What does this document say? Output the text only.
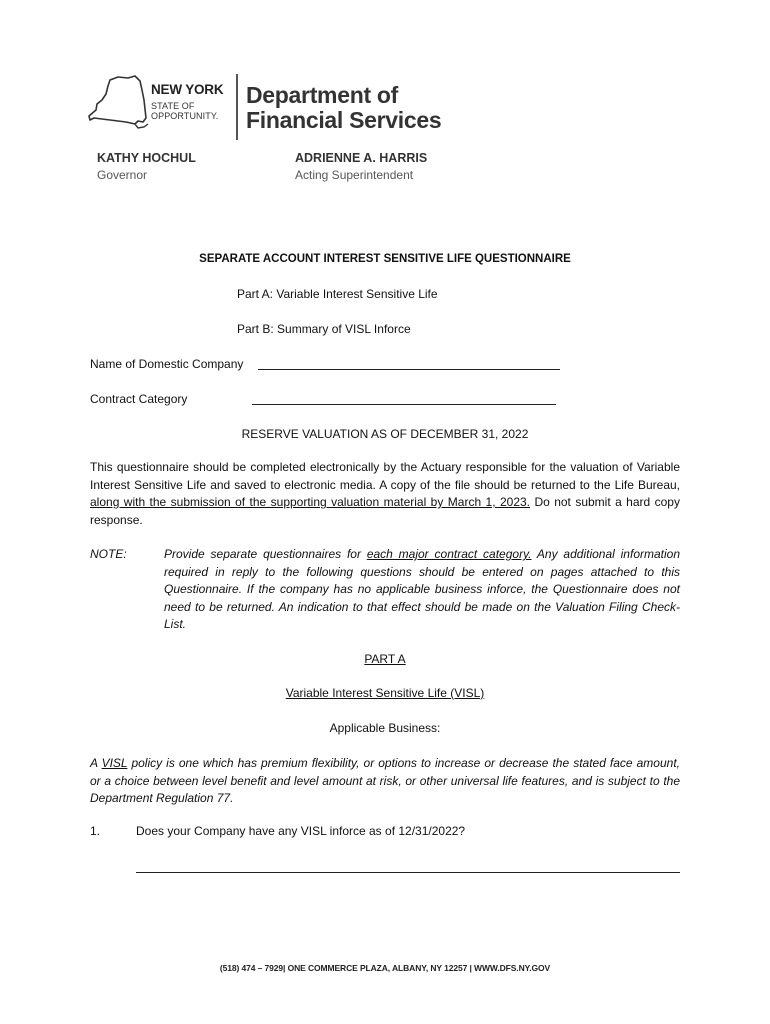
NEW YORK
STATE OF
OPPORTUNITY.
Department of
Financial Services
KATHY HOCHUL
Governor
ADRIENNE A. HARRIS
Acting Superintendent
SEPARATE ACCOUNT INTEREST SENSITIVE LIFE QUESTIONNAIRE
Part A: Variable Interest Sensitive Life
Part B: Summary of VISL Inforce
Name of Domestic Company
Contract Category
RESERVE VALUATION AS OF DECEMBER 31, 2022
This questionnaire should be completed electronically by the Actuary responsible for the valuation of Variable Interest Sensitive Life and saved to electronic media. A copy of the file should be returned to the Life Bureau, along with the submission of the supporting valuation material by March 1, 2023. Do not submit a hard copy response.
NOTE:	Provide separate questionnaires for each major contract category. Any additional information required in reply to the following questions should be entered on pages attached to this Questionnaire. If the company has no applicable business inforce, the Questionnaire does not need to be returned. An indication to that effect should be made on the Valuation Filing Check-List.
PART A
Variable Interest Sensitive Life (VISL)
Applicable Business:
A VISL policy is one which has premium flexibility, or options to increase or decrease the stated face amount, or a choice between level benefit and level amount at risk, or other universal life features, and is subject to the Department Regulation 77.
1.	Does your Company have any VISL inforce as of 12/31/2022?
(518) 474 – 7929| ONE COMMERCE PLAZA, ALBANY, NY 12257 | WWW.DFS.NY.GOV
